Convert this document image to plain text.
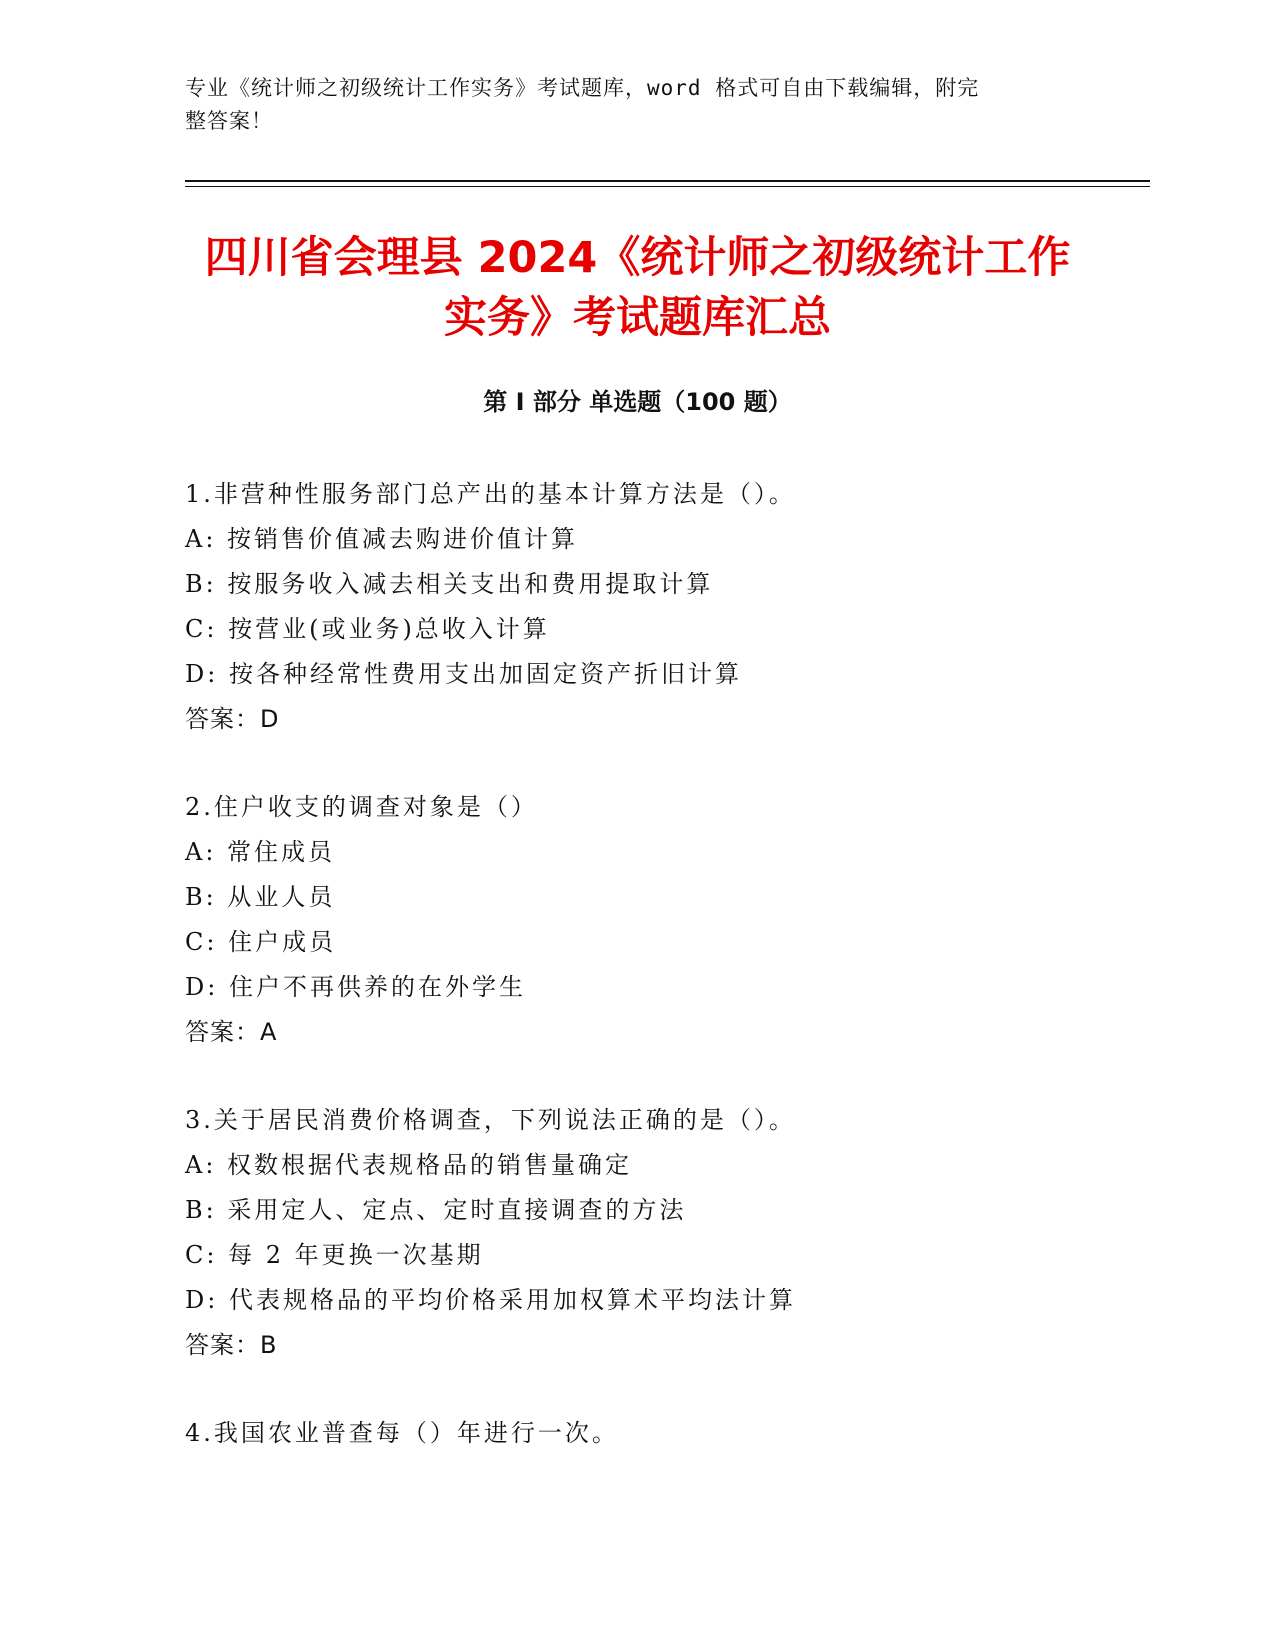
专业《统计师之初级统计工作实务》考试题库，word 格式可自由下载编辑，附完
整答案！
四川省会理县 2024《统计师之初级统计工作
实务》考试题库汇总
第 I 部分 单选题（100 题）
1.非营种性服务部门总产出的基本计算方法是（）。
A: 按销售价值减去购进价值计算
B: 按服务收入减去相关支出和费用提取计算
C: 按营业(或业务)总收入计算
D: 按各种经常性费用支出加固定资产折旧计算
答案：D
2.住户收支的调查对象是（）
A: 常住成员
B: 从业人员
C: 住户成员
D: 住户不再供养的在外学生
答案：A
3.关于居民消费价格调查，下列说法正确的是（）。
A: 权数根据代表规格品的销售量确定
B: 采用定人、定点、定时直接调查的方法
C: 每 2 年更换一次基期
D: 代表规格品的平均价格采用加权算术平均法计算
答案：B
4.我国农业普查每（）年进行一次。
